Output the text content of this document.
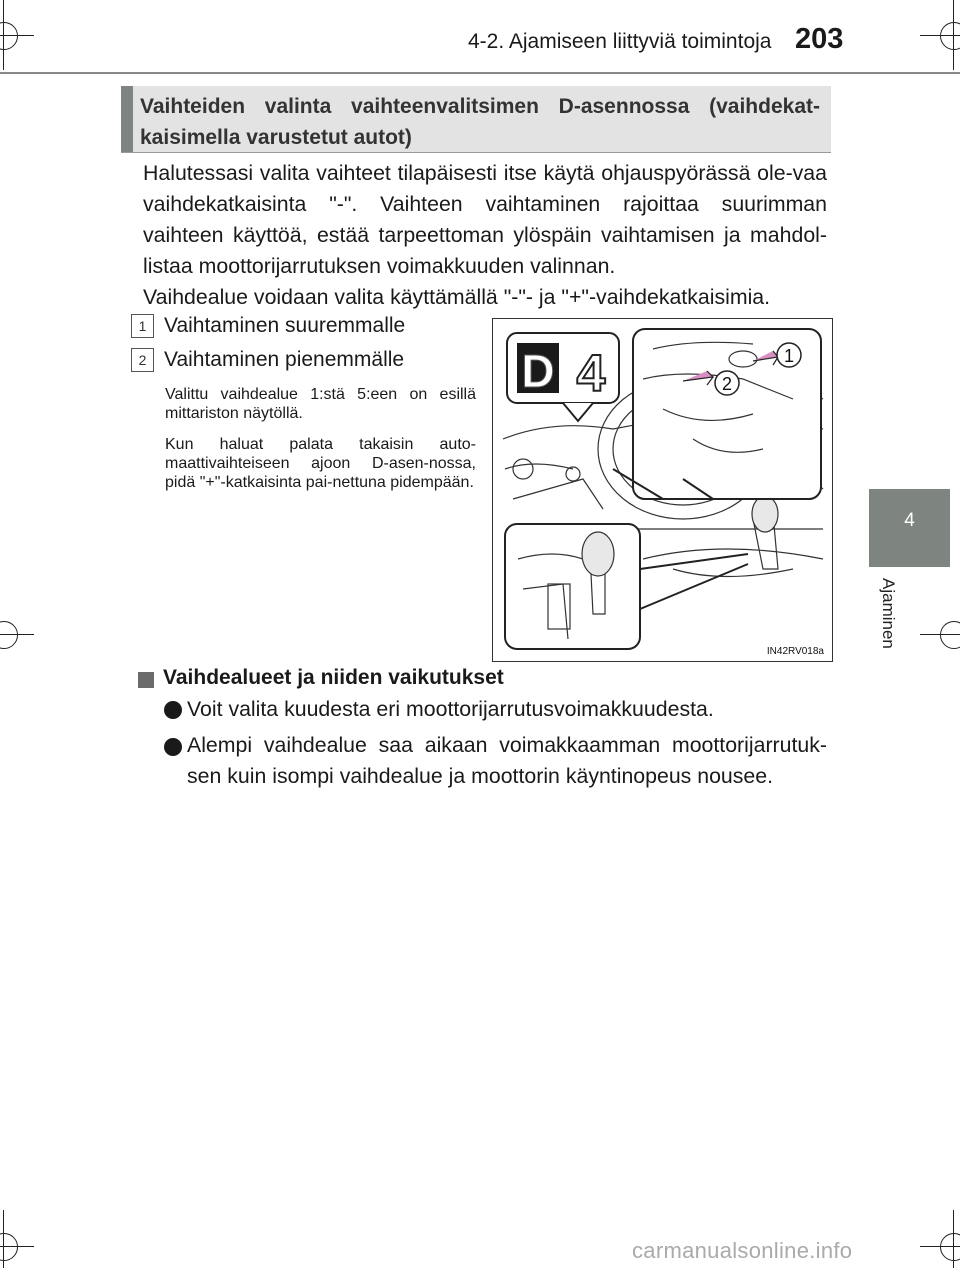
4-2. Ajamiseen liittyviä toimintoja 203
4
Ajaminen
Vaihteiden valinta vaihteenvalitsimen D-asennossa (vaihdekat-kaisimella varustetut autot)
Halutessasi valita vaihteet tilapäisesti itse käytä ohjauspyörässä ole-vaa vaihdekatkaisinta "-". Vaihteen vaihtaminen rajoittaa suurimman vaihteen käyttöä, estää tarpeettoman ylöspäin vaihtamisen ja mahdol-listaa moottorijarrutuksen voimakkuuden valinnan.
Vaihdealue voidaan valita käyttämällä "-"- ja "+"-vaihdekatkaisimia.
1 Vaihtaminen suuremmalle
2 Vaihtaminen pienemmälle
Valittu vaihdealue 1:stä 5:een on esillä mittariston näytöllä.
Kun haluat palata takaisin auto-maattivaihteiseen ajoon D-asen-nossa, pidä "+"-katkaisinta pai-nettuna pidempään.
D 4	1
2
IN42RV018a
Vaihdealueet ja niiden vaikutukset
Voit valita kuudesta eri moottorijarrutusvoimakkuudesta.
Alempi vaihdealue saa aikaan voimakkaamman moottorijarrutuk-sen kuin isompi vaihdealue ja moottorin käyntinopeus nousee.
carmanualsonline.info
